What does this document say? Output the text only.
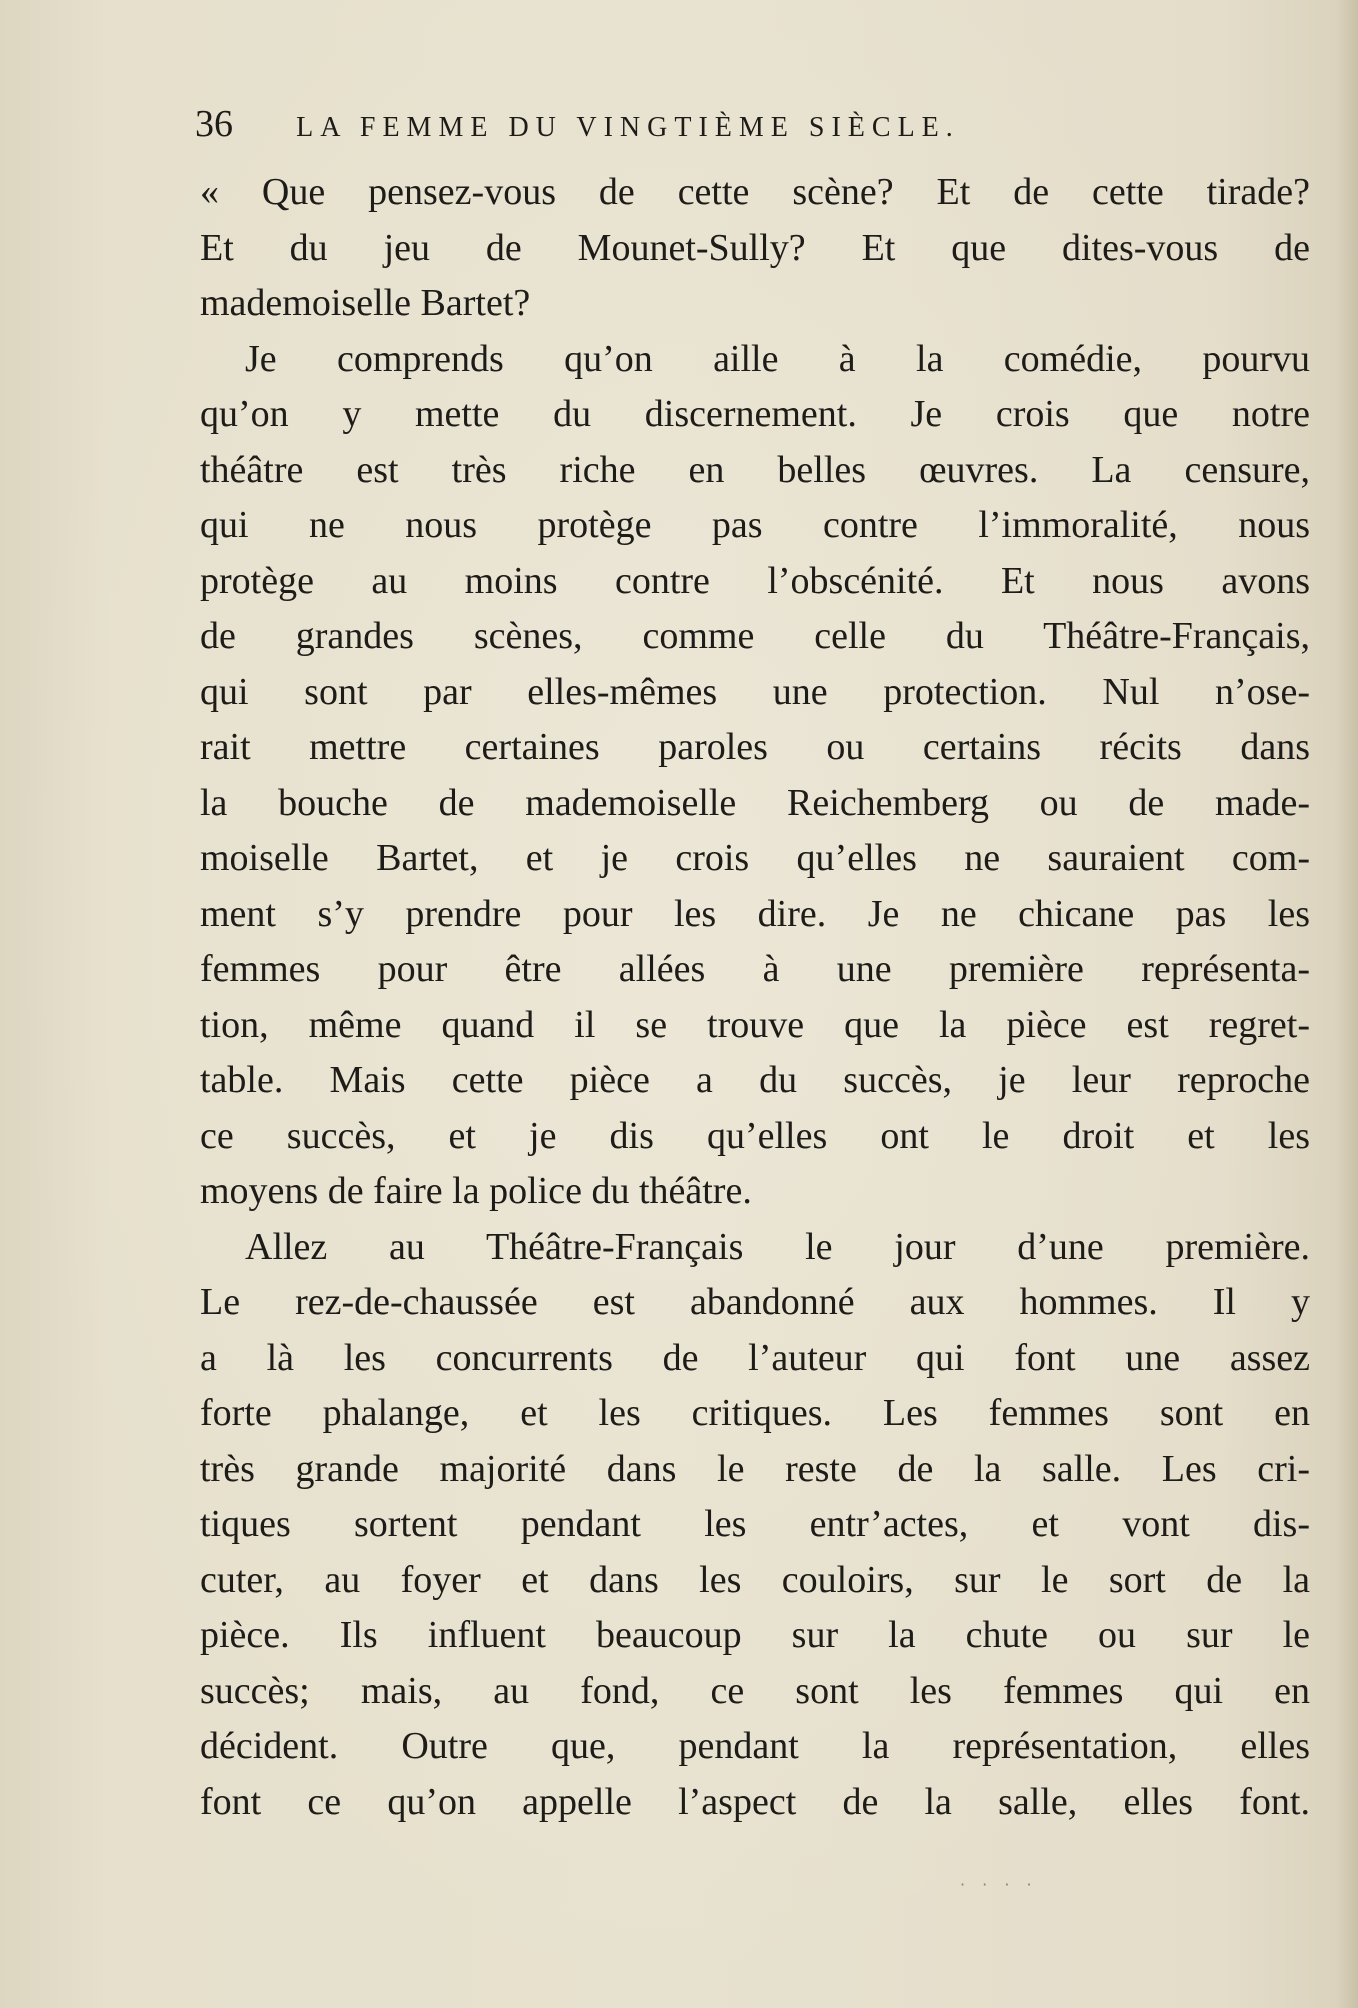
36 LA FEMME DU VINGTIÈME SIÈCLE.
« Que pensez-vous de cette scène? Et de cette tirade?
Et du jeu de Mounet-Sully? Et que dites-vous de
mademoiselle Bartet?
Je comprends qu’on aille à la comédie, pourvu
qu’on y mette du discernement. Je crois que notre
théâtre est très riche en belles œuvres. La censure,
qui ne nous protège pas contre l’immoralité, nous
protège au moins contre l’obscénité. Et nous avons
de grandes scènes, comme celle du Théâtre-Français,
qui sont par elles-mêmes une protection. Nul n’ose-
rait mettre certaines paroles ou certains récits dans
la bouche de mademoiselle Reichemberg ou de made-
moiselle Bartet, et je crois qu’elles ne sauraient com-
ment s’y prendre pour les dire. Je ne chicane pas les
femmes pour être allées à une première représenta-
tion, même quand il se trouve que la pièce est regret-
table. Mais cette pièce a du succès, je leur reproche
ce succès, et je dis qu’elles ont le droit et les
moyens de faire la police du théâtre.
Allez au Théâtre-Français le jour d’une première.
Le rez-de-chaussée est abandonné aux hommes. Il y
a là les concurrents de l’auteur qui font une assez
forte phalange, et les critiques. Les femmes sont en
très grande majorité dans le reste de la salle. Les cri-
tiques sortent pendant les entr’actes, et vont dis-
cuter, au foyer et dans les couloirs, sur le sort de la
pièce. Ils influent beaucoup sur la chute ou sur le
succès; mais, au fond, ce sont les femmes qui en
décident. Outre que, pendant la représentation, elles
font ce qu’on appelle l’aspect de la salle, elles font.
· · · ·
